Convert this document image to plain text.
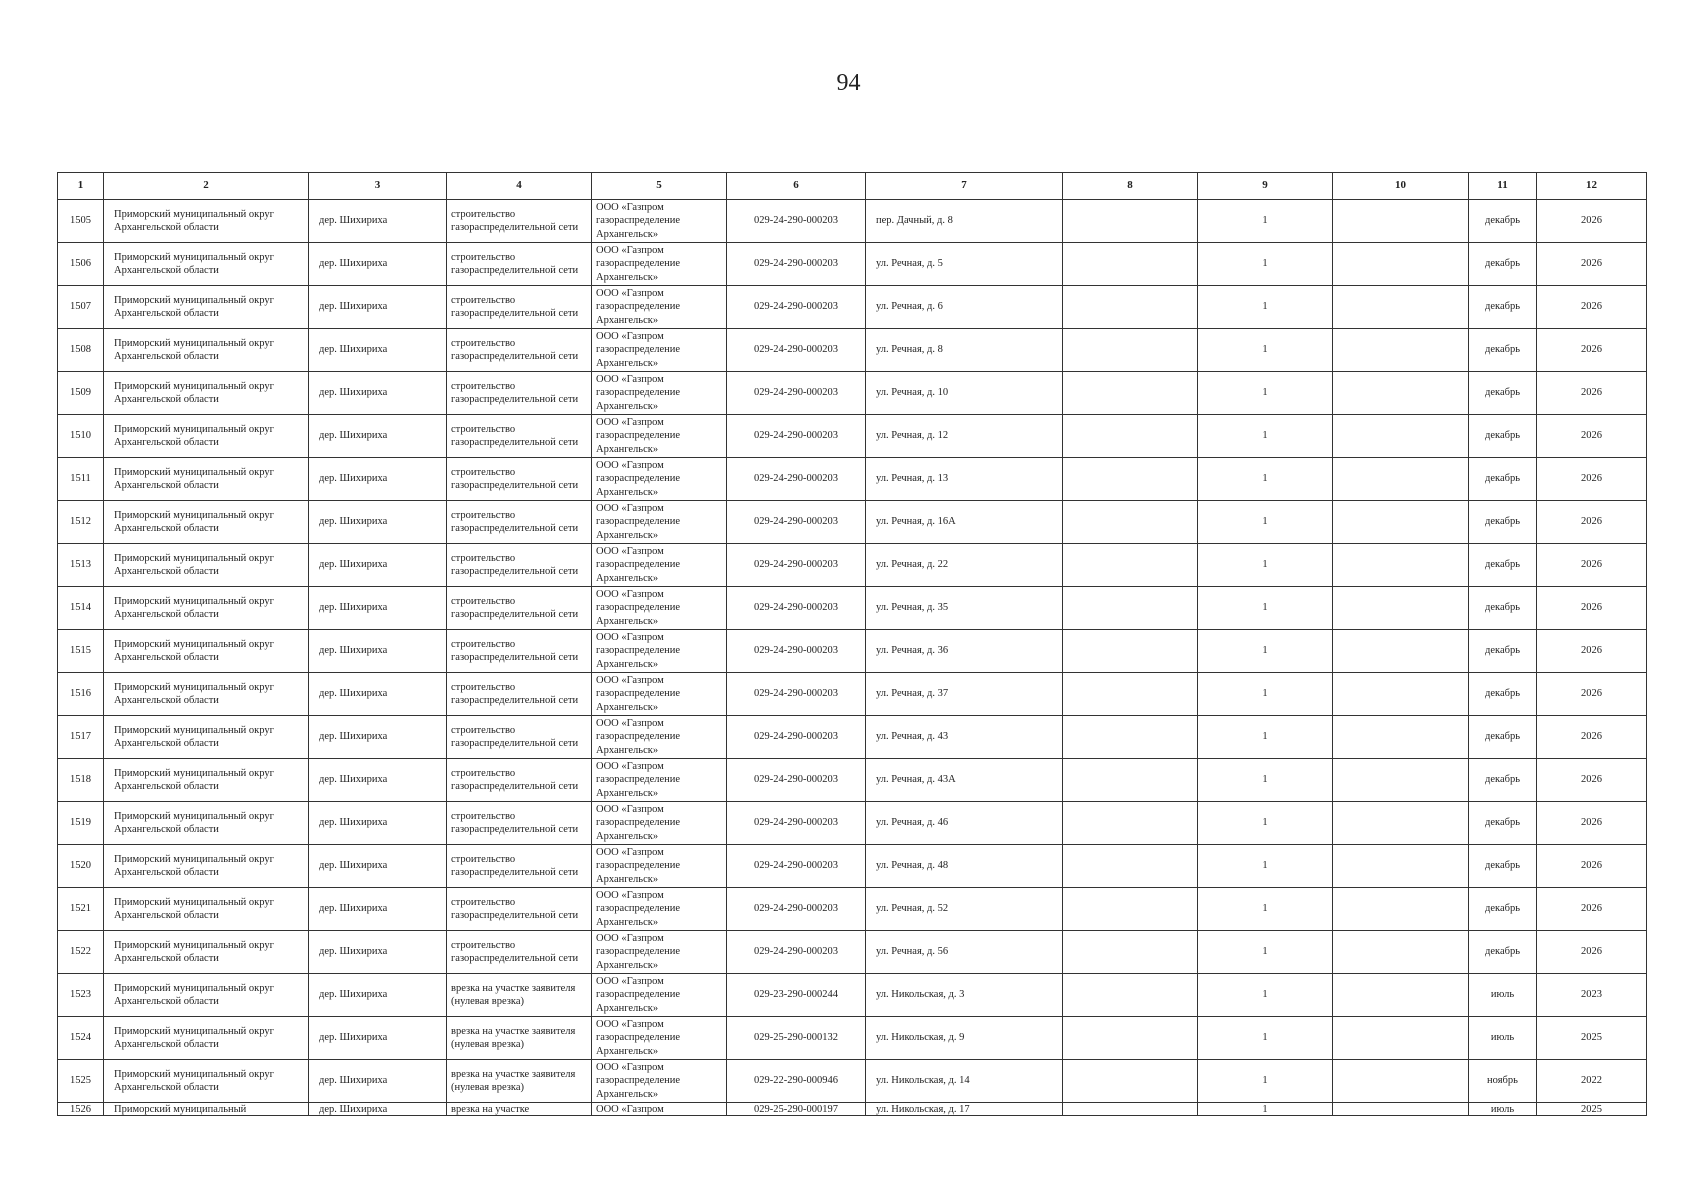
94
1	2	3	4	5	6	7	8	9	10	11	12
1505	Приморский муниципальный округ Архангельской области	дер. Шихириха	строительство газораспределительной сети	ООО «Газпром газораспределение Архангельск»	029-24-290-000203	пер. Дачный, д. 8		1		декабрь	2026
1506	Приморский муниципальный округ Архангельской области	дер. Шихириха	строительство газораспределительной сети	ООО «Газпром газораспределение Архангельск»	029-24-290-000203	ул. Речная, д. 5		1		декабрь	2026
1507	Приморский муниципальный округ Архангельской области	дер. Шихириха	строительство газораспределительной сети	ООО «Газпром газораспределение Архангельск»	029-24-290-000203	ул. Речная, д. 6		1		декабрь	2026
1508	Приморский муниципальный округ Архангельской области	дер. Шихириха	строительство газораспределительной сети	ООО «Газпром газораспределение Архангельск»	029-24-290-000203	ул. Речная, д. 8		1		декабрь	2026
1509	Приморский муниципальный округ Архангельской области	дер. Шихириха	строительство газораспределительной сети	ООО «Газпром газораспределение Архангельск»	029-24-290-000203	ул. Речная, д. 10		1		декабрь	2026
1510	Приморский муниципальный округ Архангельской области	дер. Шихириха	строительство газораспределительной сети	ООО «Газпром газораспределение Архангельск»	029-24-290-000203	ул. Речная, д. 12		1		декабрь	2026
1511	Приморский муниципальный округ Архангельской области	дер. Шихириха	строительство газораспределительной сети	ООО «Газпром газораспределение Архангельск»	029-24-290-000203	ул. Речная, д. 13		1		декабрь	2026
1512	Приморский муниципальный округ Архангельской области	дер. Шихириха	строительство газораспределительной сети	ООО «Газпром газораспределение Архангельск»	029-24-290-000203	ул. Речная, д. 16А		1		декабрь	2026
1513	Приморский муниципальный округ Архангельской области	дер. Шихириха	строительство газораспределительной сети	ООО «Газпром газораспределение Архангельск»	029-24-290-000203	ул. Речная, д. 22		1		декабрь	2026
1514	Приморский муниципальный округ Архангельской области	дер. Шихириха	строительство газораспределительной сети	ООО «Газпром газораспределение Архангельск»	029-24-290-000203	ул. Речная, д. 35		1		декабрь	2026
1515	Приморский муниципальный округ Архангельской области	дер. Шихириха	строительство газораспределительной сети	ООО «Газпром газораспределение Архангельск»	029-24-290-000203	ул. Речная, д. 36		1		декабрь	2026
1516	Приморский муниципальный округ Архангельской области	дер. Шихириха	строительство газораспределительной сети	ООО «Газпром газораспределение Архангельск»	029-24-290-000203	ул. Речная, д. 37		1		декабрь	2026
1517	Приморский муниципальный округ Архангельской области	дер. Шихириха	строительство газораспределительной сети	ООО «Газпром газораспределение Архангельск»	029-24-290-000203	ул. Речная, д. 43		1		декабрь	2026
1518	Приморский муниципальный округ Архангельской области	дер. Шихириха	строительство газораспределительной сети	ООО «Газпром газораспределение Архангельск»	029-24-290-000203	ул. Речная, д. 43А		1		декабрь	2026
1519	Приморский муниципальный округ Архангельской области	дер. Шихириха	строительство газораспределительной сети	ООО «Газпром газораспределение Архангельск»	029-24-290-000203	ул. Речная, д. 46		1		декабрь	2026
1520	Приморский муниципальный округ Архангельской области	дер. Шихириха	строительство газораспределительной сети	ООО «Газпром газораспределение Архангельск»	029-24-290-000203	ул. Речная, д. 48		1		декабрь	2026
1521	Приморский муниципальный округ Архангельской области	дер. Шихириха	строительство газораспределительной сети	ООО «Газпром газораспределение Архангельск»	029-24-290-000203	ул. Речная, д. 52		1		декабрь	2026
1522	Приморский муниципальный округ Архангельской области	дер. Шихириха	строительство газораспределительной сети	ООО «Газпром газораспределение Архангельск»	029-24-290-000203	ул. Речная, д. 56		1		декабрь	2026
1523	Приморский муниципальный округ Архангельской области	дер. Шихириха	врезка на участке заявителя (нулевая врезка)	ООО «Газпром газораспределение Архангельск»	029-23-290-000244	ул. Никольская, д. 3		1		июль	2023
1524	Приморский муниципальный округ Архангельской области	дер. Шихириха	врезка на участке заявителя (нулевая врезка)	ООО «Газпром газораспределение Архангельск»	029-25-290-000132	ул. Никольская, д. 9		1		июль	2025
1525	Приморский муниципальный округ Архангельской области	дер. Шихириха	врезка на участке заявителя (нулевая врезка)	ООО «Газпром газораспределение Архангельск»	029-22-290-000946	ул. Никольская, д. 14		1		ноябрь	2022
1526	Приморский муниципальный	дер. Шихириха	врезка на участке	ООО «Газпром	029-25-290-000197	ул. Никольская, д. 17		1		июль	2025
